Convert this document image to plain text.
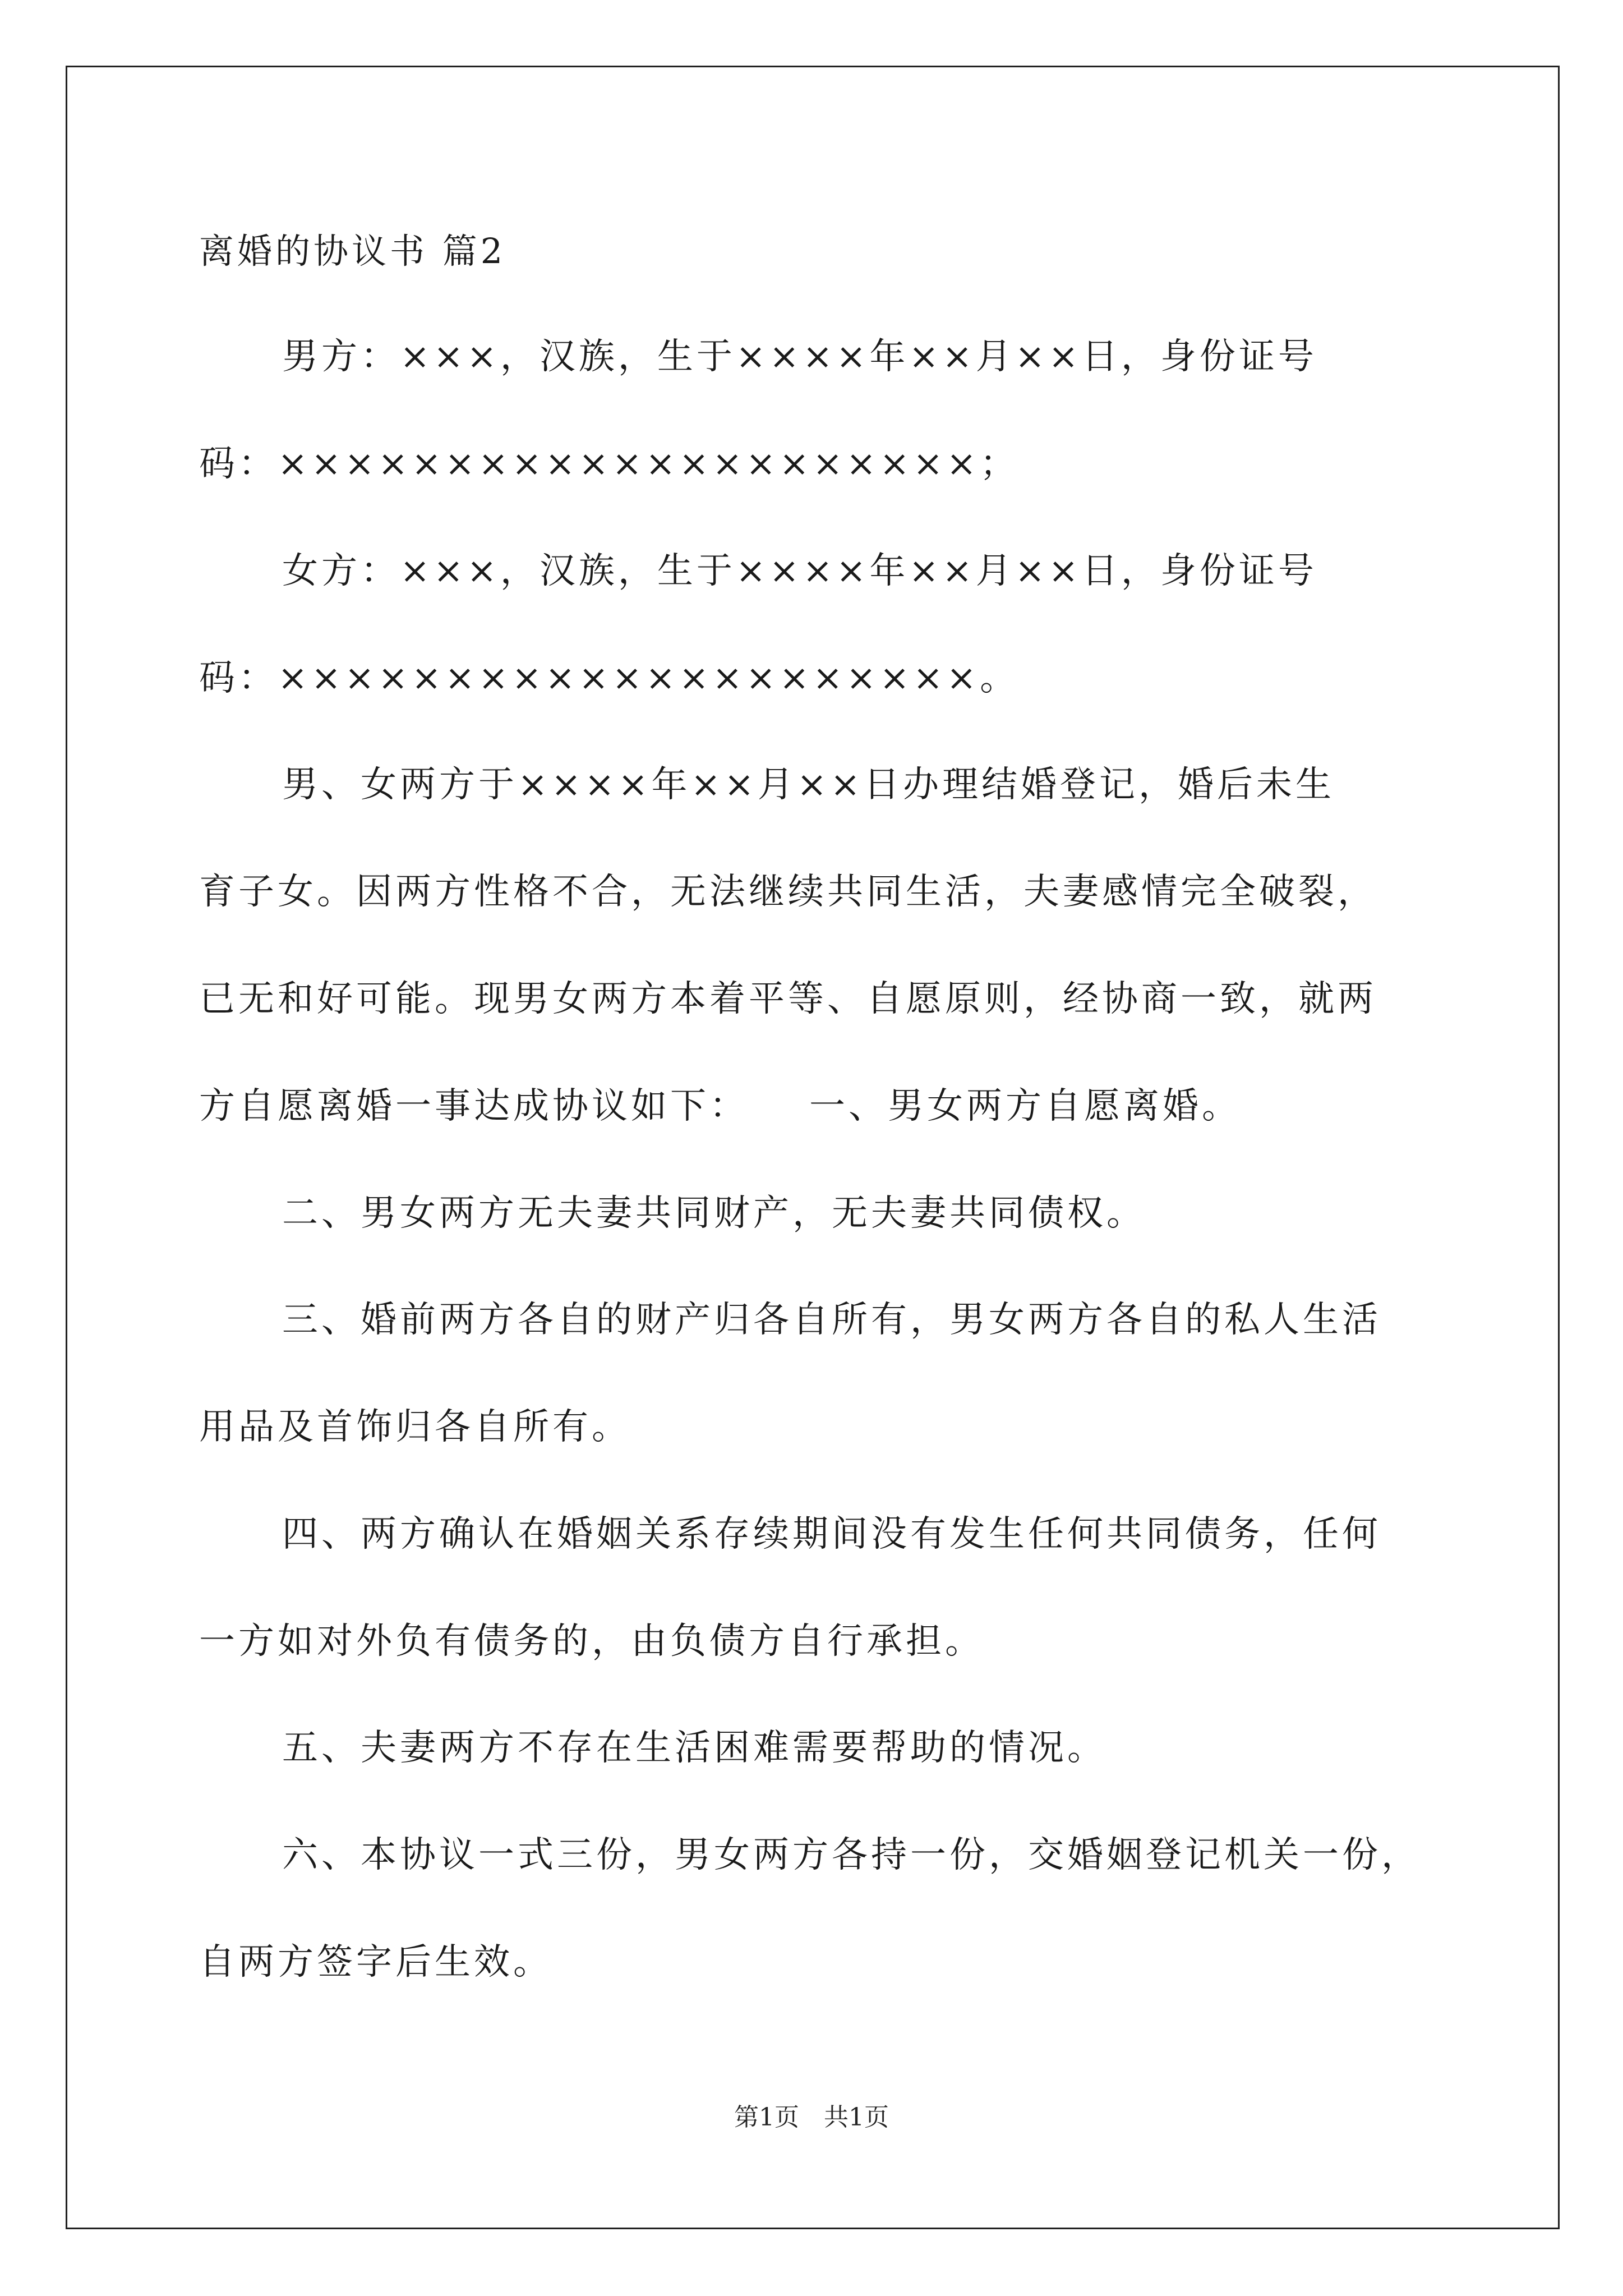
离婚的协议书 篇2
男方：×××，汉族，生于××××年××月××日，身份证号
码：×××××××××××××××××××××；
女方：×××，汉族，生于××××年××月××日，身份证号
码：×××××××××××××××××××××。
男、女两方于××××年××月××日办理结婚登记，婚后未生
育子女。因两方性格不合，无法继续共同生活，夫妻感情完全破裂，
已无和好可能。现男女两方本着平等、自愿原则，经协商一致，就两
方自愿离婚一事达成协议如下：　　一、男女两方自愿离婚。
二、男女两方无夫妻共同财产，无夫妻共同债权。
三、婚前两方各自的财产归各自所有，男女两方各自的私人生活
用品及首饰归各自所有。
四、两方确认在婚姻关系存续期间没有发生任何共同债务，任何
一方如对外负有债务的，由负债方自行承担。
五、夫妻两方不存在生活困难需要帮助的情况。
六、本协议一式三份，男女两方各持一份，交婚姻登记机关一份，
自两方签字后生效。
第1页　共1页
